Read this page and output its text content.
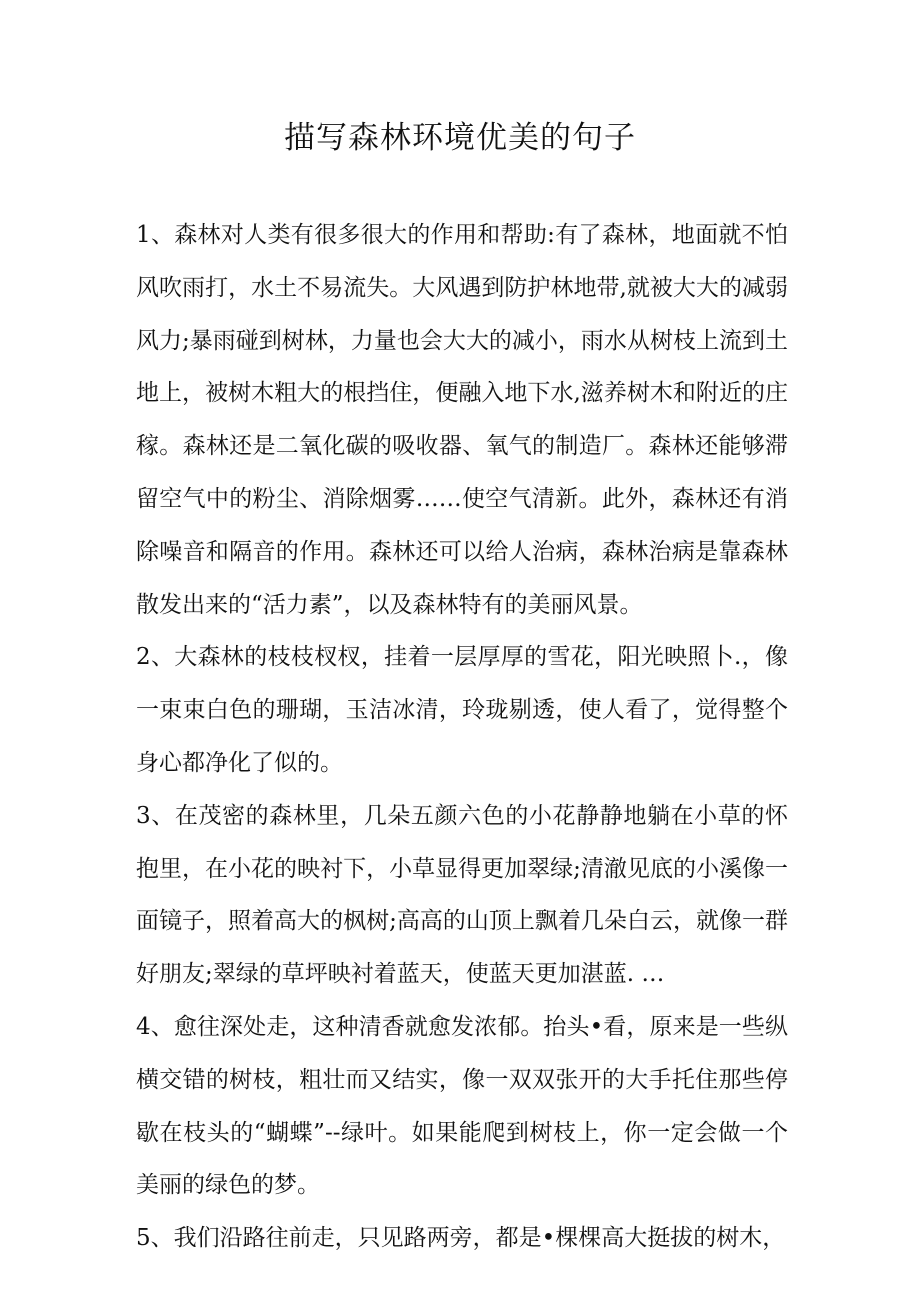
描写森林环境优美的句子

1、森林对人类有很多很大的作用和帮助:有了森林，地面就不怕风吹雨打，水土不易流失。大风遇到防护林地带,就被大大的减弱风力;暴雨碰到树林，力量也会大大的减小，雨水从树枝上流到土地上，被树木粗大的根挡住，便融入地下水,滋养树木和附近的庄稼。森林还是二氧化碳的吸收器、氧气的制造厂。森林还能够滞留空气中的粉尘、消除烟雾……使空气清新。此外，森林还有消除噪音和隔音的作用。森林还可以给人治病，森林治病是靠森林散发出来的“活力素”，以及森林特有的美丽风景。

2、大森林的枝枝杈杈，挂着一层厚厚的雪花，阳光映照卜.，像一束束白色的珊瑚，玉洁冰清，玲珑剔透，使人看了，觉得整个身心都净化了似的。

3、在茂密的森林里，几朵五颜六色的小花静静地躺在小草的怀抱里，在小花的映衬下，小草显得更加翠绿;清澈见底的小溪像一面镜子，照着高大的枫树;高高的山顶上飘着几朵白云，就像一群好朋友;翠绿的草坪映衬着蓝天，使蓝天更加湛蓝. …

4、愈往深处走，这种清香就愈发浓郁。抬头•看，原来是一些纵横交错的树枝，粗壮而又结实，像一双双张开的大手托住那些停歇在枝头的“蝴蝶”--绿叶。如果能爬到树枝上，你一定会做一个美丽的绿色的梦。

5、我们沿路往前走，只见路两旁，都是•棵棵高大挺拔的树木，
